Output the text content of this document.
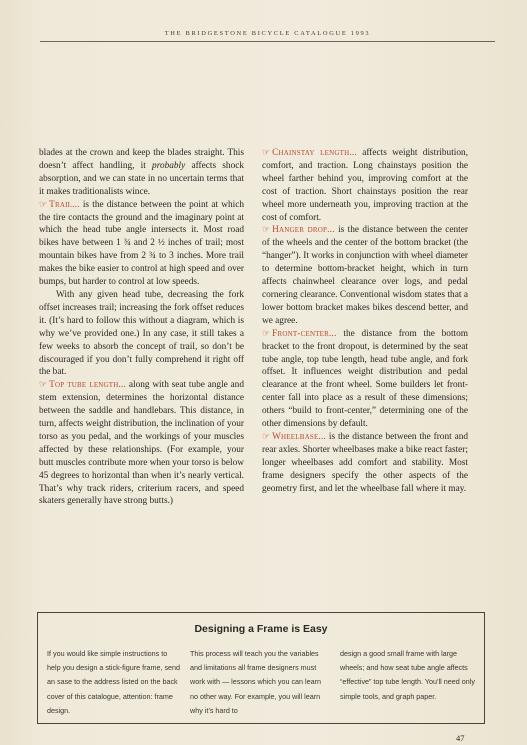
THE BRIDGESTONE BICYCLE CATALOGUE 1993

blades at the crown and keep the blades straight. This doesn’t affect handling, it probably affects shock absorption, and we can state in no uncertain terms that it makes traditionalists wince.

☞ Trail... is the distance between the point at which the tire contacts the ground and the imaginary point at which the head tube angle intersects it. Most road bikes have between 1 ¾ and 2 ½ inches of trail; most mountain bikes have from 2 ¾ to 3 inches. More trail makes the bike easier to control at high speed and over bumps, but harder to control at low speeds.

With any given head tube, decreasing the fork offset increases trail; increasing the fork offset reduces it. (It’s hard to follow this without a diagram, which is why we’ve provided one.) In any case, it still takes a few weeks to absorb the concept of trail, so don’t be discouraged if you don’t fully comprehend it right off the bat.

☞ Top tube length... along with seat tube angle and stem extension, determines the horizontal distance between the saddle and handlebars. This distance, in turn, affects weight distribution, the inclination of your torso as you pedal, and the workings of your muscles affected by these relationships. (For example, your butt muscles contribute more when your torso is below 45 degrees to horizontal than when it’s nearly vertical. That’s why track riders, criterium racers, and speed skaters generally have strong butts.)

☞ Chainstay length... affects weight distribution, comfort, and traction. Long chainstays position the wheel farther behind you, improving comfort at the cost of traction. Short chainstays position the rear wheel more underneath you, improving traction at the cost of comfort.

☞ Hanger drop... is the distance between the center of the wheels and the center of the bottom bracket (the “hanger”). It works in conjunction with wheel diameter to determine bottom-bracket height, which in turn affects chainwheel clearance over logs, and pedal cornering clearance. Conventional wisdom states that a lower bottom bracket makes bikes descend better, and we agree.

☞ Front-center... the distance from the bottom bracket to the front dropout, is determined by the seat tube angle, top tube length, head tube angle, and fork offset. It influences weight distribution and pedal clearance at the front wheel. Some builders let front-center fall into place as a result of these dimensions; others “build to front-center,” determining one of the other dimensions by default.

☞ Wheelbase... is the distance between the front and rear axles. Shorter wheelbases make a bike react faster; longer wheelbases add comfort and stability. Most frame designers specify the other aspects of the geometry first, and let the wheelbase fall where it may.

Designing a Frame is Easy
If you would like simple instructions to help you design a stick-figure frame, send an sase to the address listed on the back cover of this catalogue, attention: frame design.
This process will teach you the variables and limitations all frame designers must work with — lessons which you can learn no other way. For example, you will learn why it’s hard to
design a good small frame with large wheels; and how seat tube angle affects “effective” top tube length. You’ll need only simple tools, and graph paper.
47
